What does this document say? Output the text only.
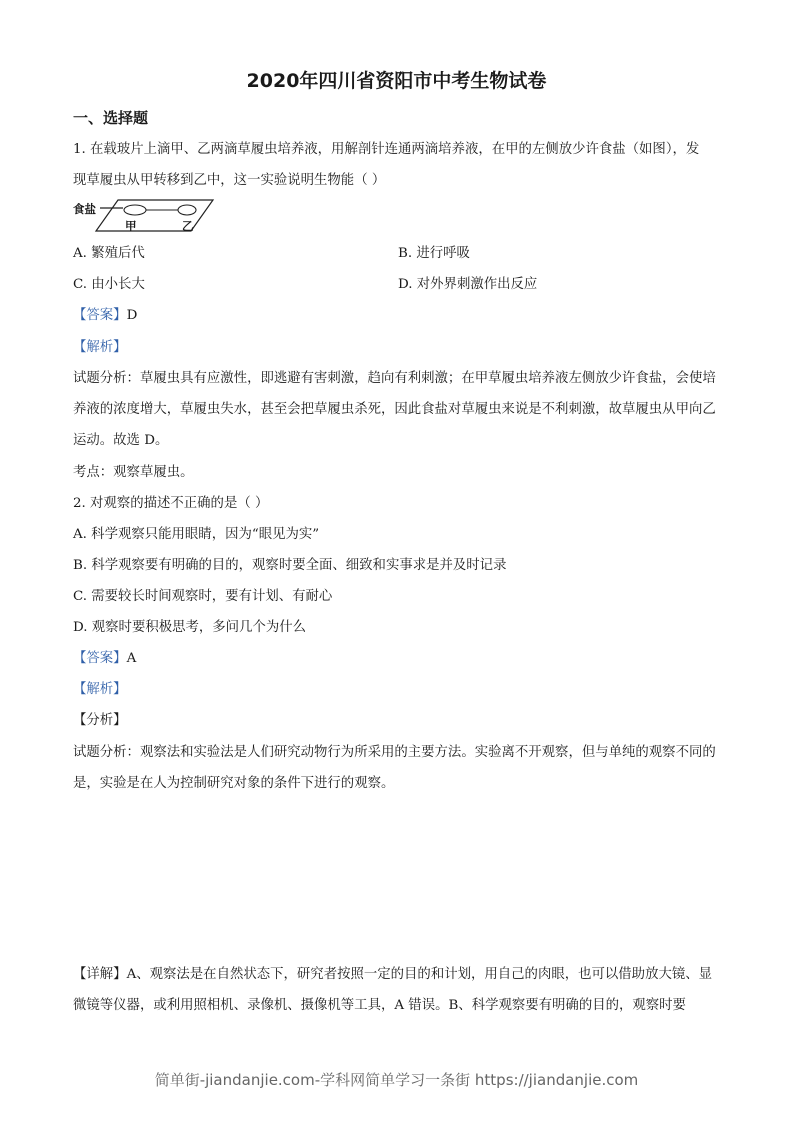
2020年四川省资阳市中考生物试卷
一、选择题
1. 在载玻片上滴甲、乙两滴草履虫培养液，用解剖针连通两滴培养液，在甲的左侧放少许食盐（如图），发
现草履虫从甲转移到乙中，这一实验说明生物能（ ）
食盐
甲	乙
A. 繁殖后代	B. 进行呼吸
C. 由小长大	D. 对外界刺激作出反应
【答案】D
【解析】
试题分析：草履虫具有应激性，即逃避有害刺激，趋向有利刺激；在甲草履虫培养液左侧放少许食盐，会使培养液的浓度增大，草履虫失水，甚至会把草履虫杀死，因此食盐对草履虫来说是不利刺激，故草履虫从甲向乙运动。故选 D。
考点：观察草履虫。
2. 对观察的描述不正确的是（ ）
A. 科学观察只能用眼睛，因为“眼见为实”
B. 科学观察要有明确的目的，观察时要全面、细致和实事求是并及时记录
C. 需要较长时间观察时，要有计划、有耐心
D. 观察时要积极思考，多问几个为什么
【答案】A
【解析】
【分析】
试题分析：观察法和实验法是人们研究动物行为所采用的主要方法。实验离不开观察，但与单纯的观察不同的是，实验是在人为控制研究对象的条件下进行的观察。
【详解】A、观察法是在自然状态下，研究者按照一定的目的和计划，用自己的肉眼，也可以借助放大镜、显微镜等仪器，或利用照相机、录像机、摄像机等工具，A 错误。B、科学观察要有明确的目的，观察时要
简单街-jiandanjie.com-学科网简单学习一条街 https://jiandanjie.com
